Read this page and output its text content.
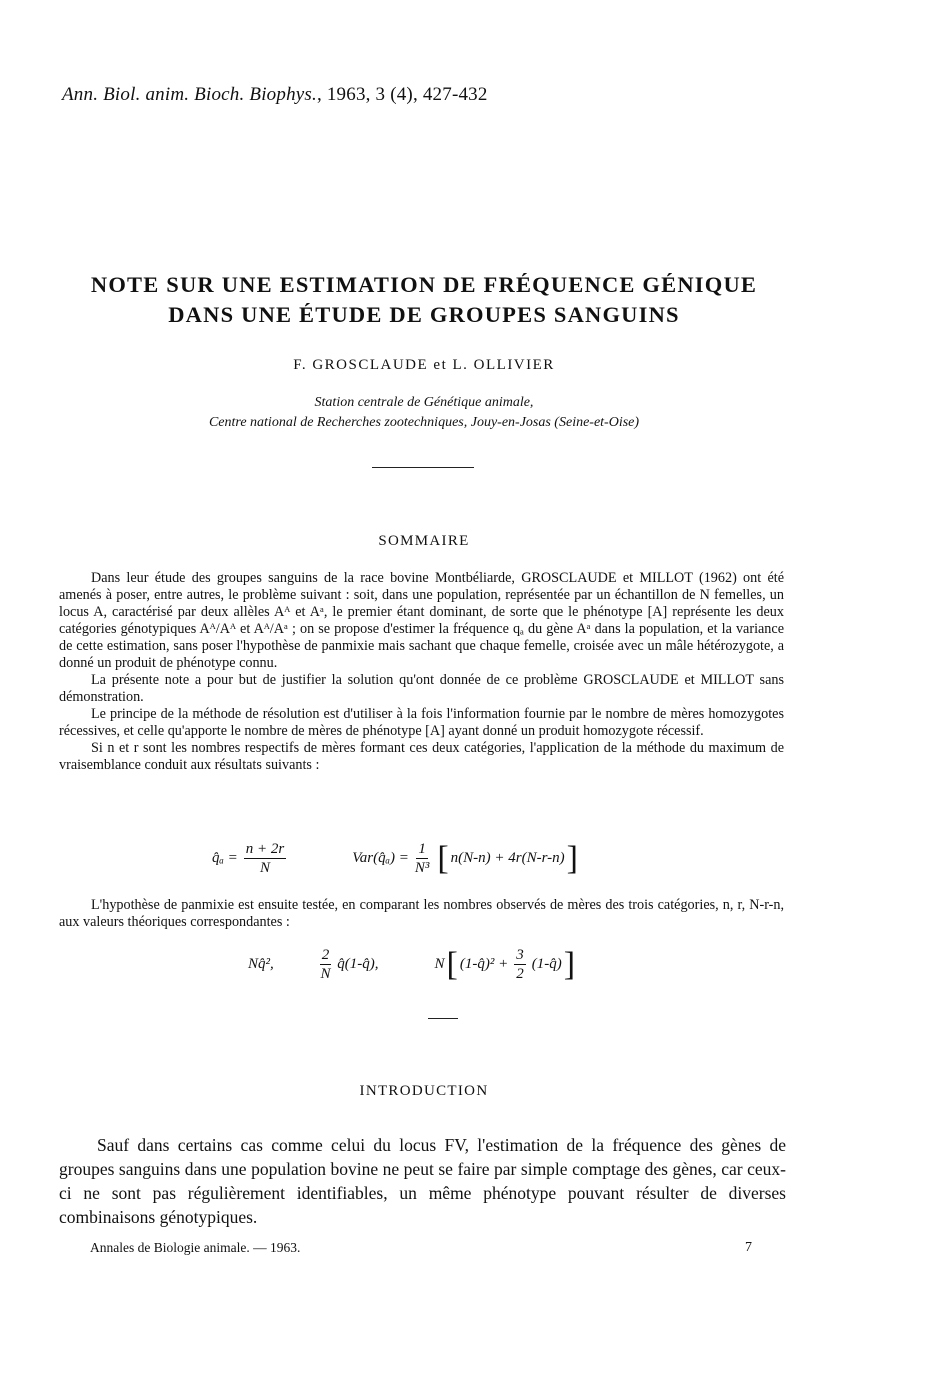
Ann. Biol. anim. Bioch. Biophys., 1963, 3 (4), 427-432
NOTE SUR UNE ESTIMATION DE FRÉQUENCE GÉNIQUE
DANS UNE ÉTUDE DE GROUPES SANGUINS
F. GROSCLAUDE et L. OLLIVIER
Station centrale de Génétique animale,
Centre national de Recherches zootechniques, Jouy-en-Josas (Seine-et-Oise)
SOMMAIRE

Dans leur étude des groupes sanguins de la race bovine Montbéliarde, GROSCLAUDE et MILLOT (1962) ont été amenés à poser, entre autres, le problème suivant : soit, dans une population, représentée par un échantillon de N femelles, un locus A, caractérisé par deux allèles Aᴬ et Aᵃ, le premier étant dominant, de sorte que le phénotype [A] représente les deux catégories génotypiques Aᴬ/Aᴬ et Aᴬ/Aᵃ ; on se propose d'estimer la fréquence qₐ du gène Aᵃ dans la population, et la variance de cette estimation, sans poser l'hypothèse de panmixie mais sachant que chaque femelle, croisée avec un mâle hétérozygote, a donné un produit de phénotype connu.

La présente note a pour but de justifier la solution qu'ont donnée de ce problème GROSCLAUDE et MILLOT sans démonstration.

Le principe de la méthode de résolution est d'utiliser à la fois l'information fournie par le nombre de mères homozygotes récessives, et celle qu'apporte le nombre de mères de phénotype [A] ayant donné un produit homozygote récessif.

Si n et r sont les nombres respectifs de mères formant ces deux catégories, l'application de la méthode du maximum de vraisemblance conduit aux résultats suivants :

q̂ₐ = $\frac{n + 2r}{N}$	Var(q̂ₐ) = $\frac{1}{\text{N³}}$ [ n(N-n) + 4r(N-r-n) ]

L'hypothèse de panmixie est ensuite testée, en comparant les nombres observés de mères des trois catégories, n, r, N-r-n, aux valeurs théoriques correspondantes :

Nq̂²,	$\frac{2}{N}$ q̂(1-q̂),	N [ (1-q̂)² + $\frac{3}{2}$ (1-q̂) ]
INTRODUCTION

Sauf dans certains cas comme celui du locus FV, l'estimation de la fréquence des gènes de groupes sanguins dans une population bovine ne peut se faire par simple comptage des gènes, car ceux-ci ne sont pas régulièrement identifiables, un même phénotype pouvant résulter de diverses combinaisons génotypiques.

Annales de Biologie animale. — 1963.	7
